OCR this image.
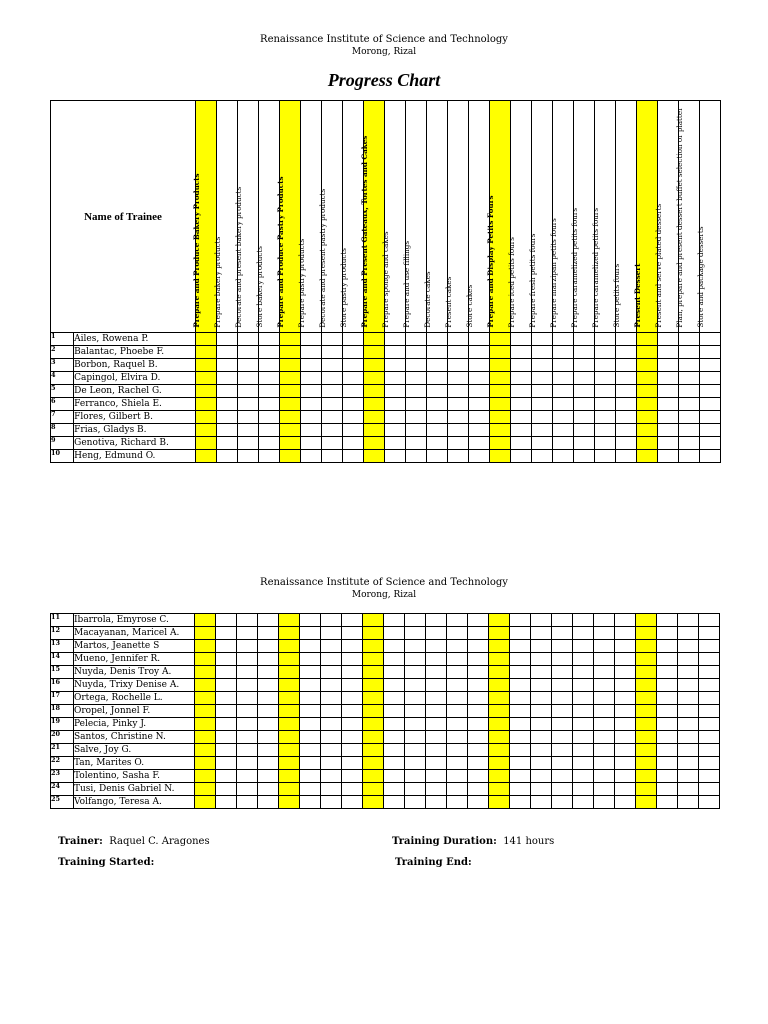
Renaissance Institute of Science and Technology
Morong, Rizal
Progress Chart
Name of Trainee		Prepare and Produce Bakery Products	Prepare bakery products	Decorate and present bakery products	Store bakery products	Prepare and Produce Pastry Products	Prepare pastry products	Decorate and present pastry products	Store pastry products	Prepare and Present Gateaux, Tortes and Cakes	Prepare sponge and cakes	Prepare and use fillings	Decorate cakes	Present cakes	Store cakes	Prepare and Display Petits Fours	Prepare iced petits fours	Prepare fresh petits fours	Prepare marzipan petits fours	Prepare caramelized petits fours	Prepare caramelized petits fours	Store petits fours	Present Dessert	Present and serve plated desserts	Plan, prepare and present dessert buffet selection or platter	Store and package desserts

1	Ailes, Rowena P.																									
2	Balantac, Phoebe F.																									
3	Borbon, Raquel B.																									
4	Capingol, Elvira D.																									
5	De Leon, Rachel G.																									
6	Ferranco, Shiela E.																									
7	Flores, Gilbert B.																									
8	Frias, Gladys B.																									
9	Genotiva, Richard B.																									
10	Heng, Edmund O.																									
Renaissance Institute of Science and Technology
Morong, Rizal
11	Ibarrola, Emyrose C.																									
12	Macayanan, Maricel A.																									
13	Martos, Jeanette S																									
14	Mueno, Jennifer R.																									
15	Nuyda, Denis Troy A.																									
16	Nuyda, Trixy Denise A.																									
17	Ortega, Rochelle L.																									
18	Oropel, Jonnel F.																									
19	Pelecia, Pinky J.																									
20	Santos, Christine N.																									
21	Salve, Joy G.																									
22	Tan, Marites O.																									
23	Tolentino, Sasha F.																									
24	Tusi, Denis Gabriel N.																									
25	Volfango, Teresa A.																									
Trainer: Raquel C. Aragones	Training Duration: 141 hours
Training Started:	Training End:
